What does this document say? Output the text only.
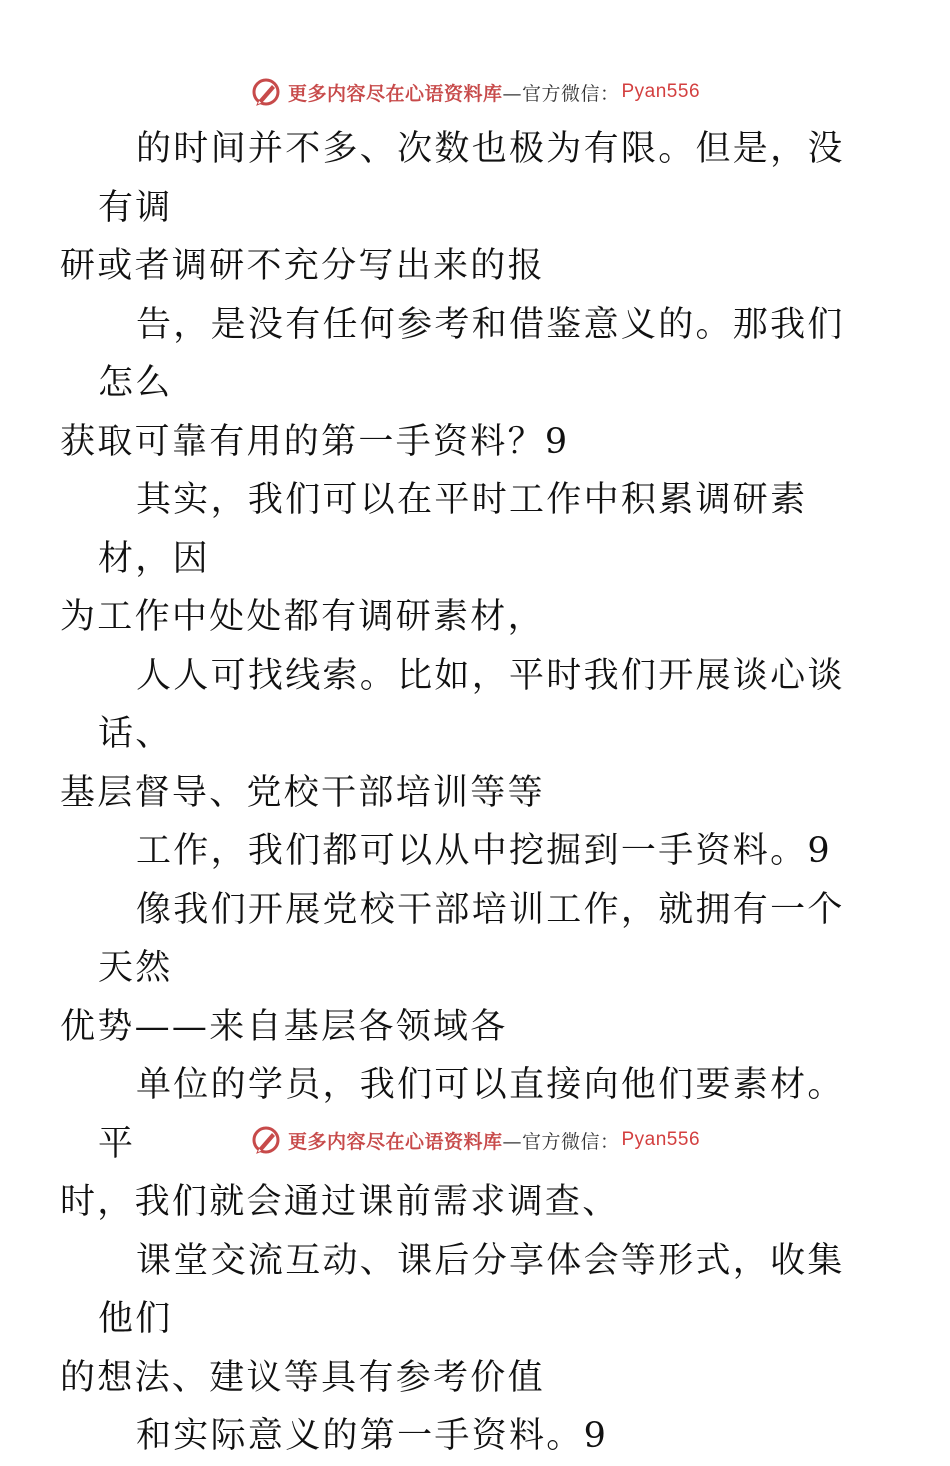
更多内容尽在心语资料库 —官方微信： Pyan556

的时间并不多、次数也极为有限。但是，没有调
研或者调研不充分写出来的报

告，是没有任何参考和借鉴意义的。那我们怎么
获取可靠有用的第一手资料？9

其实，我们可以在平时工作中积累调研素材，因
为工作中处处都有调研素材，

人人可找线索。比如，平时我们开展谈心谈话、
基层督导、党校干部培训等等

工作，我们都可以从中挖掘到一手资料。9

像我们开展党校干部培训工作，就拥有一个天然
优势——来自基层各领域各

单位的学员，我们可以直接向他们要素材。平
时，我们就会通过课前需求调查、

课堂交流互动、课后分享体会等形式，收集他们
的想法、建议等具有参考价值

和实际意义的第一手资料。9

更多内容尽在心语资料库 —官方微信： Pyan556
